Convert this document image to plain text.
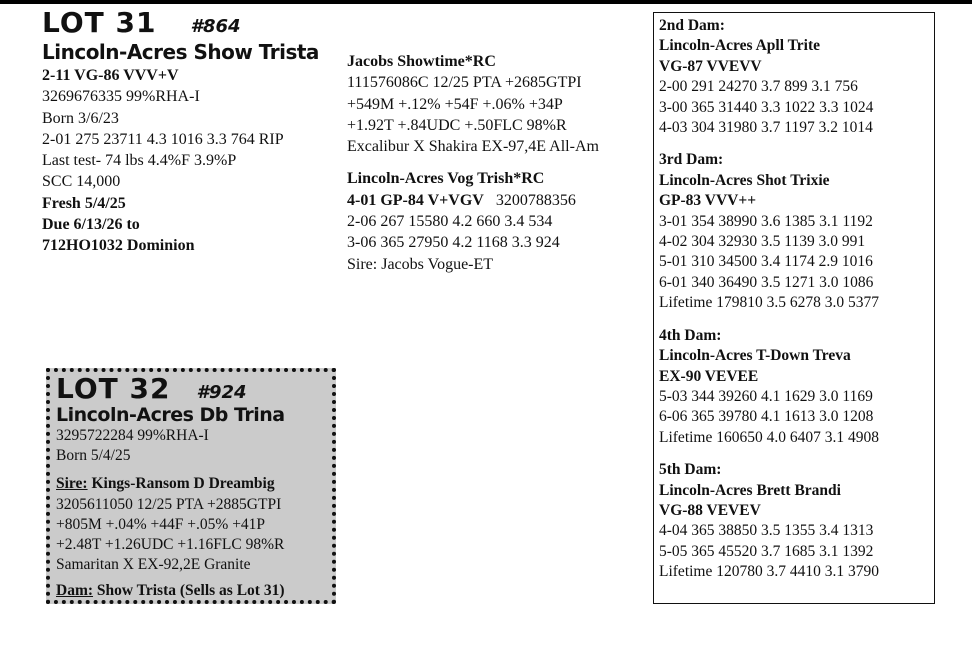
LOT 31 #864
Lincoln-Acres Show Trista
2-11 VG-86 VVV+V
3269676335 99%RHA-I
Born 3/6/23
2-01 275 23711 4.3 1016 3.3 764 RIP
Last test- 74 lbs 4.4%F 3.9%P
SCC 14,000
Fresh 5/4/25
Due 6/13/26 to
712HO1032 Dominion
Jacobs Showtime*RC
111576086C 12/25 PTA +2685GTPI
+549M +.12% +54F +.06% +34P
+1.92T +.84UDC +.50FLC 98%R
Excalibur X Shakira EX-97,4E All-Am
Lincoln-Acres Vog Trish*RC
4-01 GP-84 V+VGV 3200788356
2-06 267 15580 4.2 660 3.4 534
3-06 365 27950 4.2 1168 3.3 924
Sire: Jacobs Vogue-ET
LOT 32 #924
Lincoln-Acres Db Trina
3295722284 99%RHA-I
Born 5/4/25
Sire: Kings-Ransom D Dreambig
3205611050 12/25 PTA +2885GTPI
+805M +.04% +44F +.05% +41P
+2.48T +1.26UDC +1.16FLC 98%R
Samaritan X EX-92,2E Granite
Dam: Show Trista (Sells as Lot 31)
2nd Dam:
Lincoln-Acres Apll Trite
VG-87 VVEVV
2-00 291 24270 3.7 899 3.1 756
3-00 365 31440 3.3 1022 3.3 1024
4-03 304 31980 3.7 1197 3.2 1014
3rd Dam:
Lincoln-Acres Shot Trixie
GP-83 VVV++
3-01 354 38990 3.6 1385 3.1 1192
4-02 304 32930 3.5 1139 3.0 991
5-01 310 34500 3.4 1174 2.9 1016
6-01 340 36490 3.5 1271 3.0 1086
Lifetime 179810 3.5 6278 3.0 5377
4th Dam:
Lincoln-Acres T-Down Treva
EX-90 VEVEE
5-03 344 39260 4.1 1629 3.0 1169
6-06 365 39780 4.1 1613 3.0 1208
Lifetime 160650 4.0 6407 3.1 4908
5th Dam:
Lincoln-Acres Brett Brandi
VG-88 VEVEV
4-04 365 38850 3.5 1355 3.4 1313
5-05 365 45520 3.7 1685 3.1 1392
Lifetime 120780 3.7 4410 3.1 3790
